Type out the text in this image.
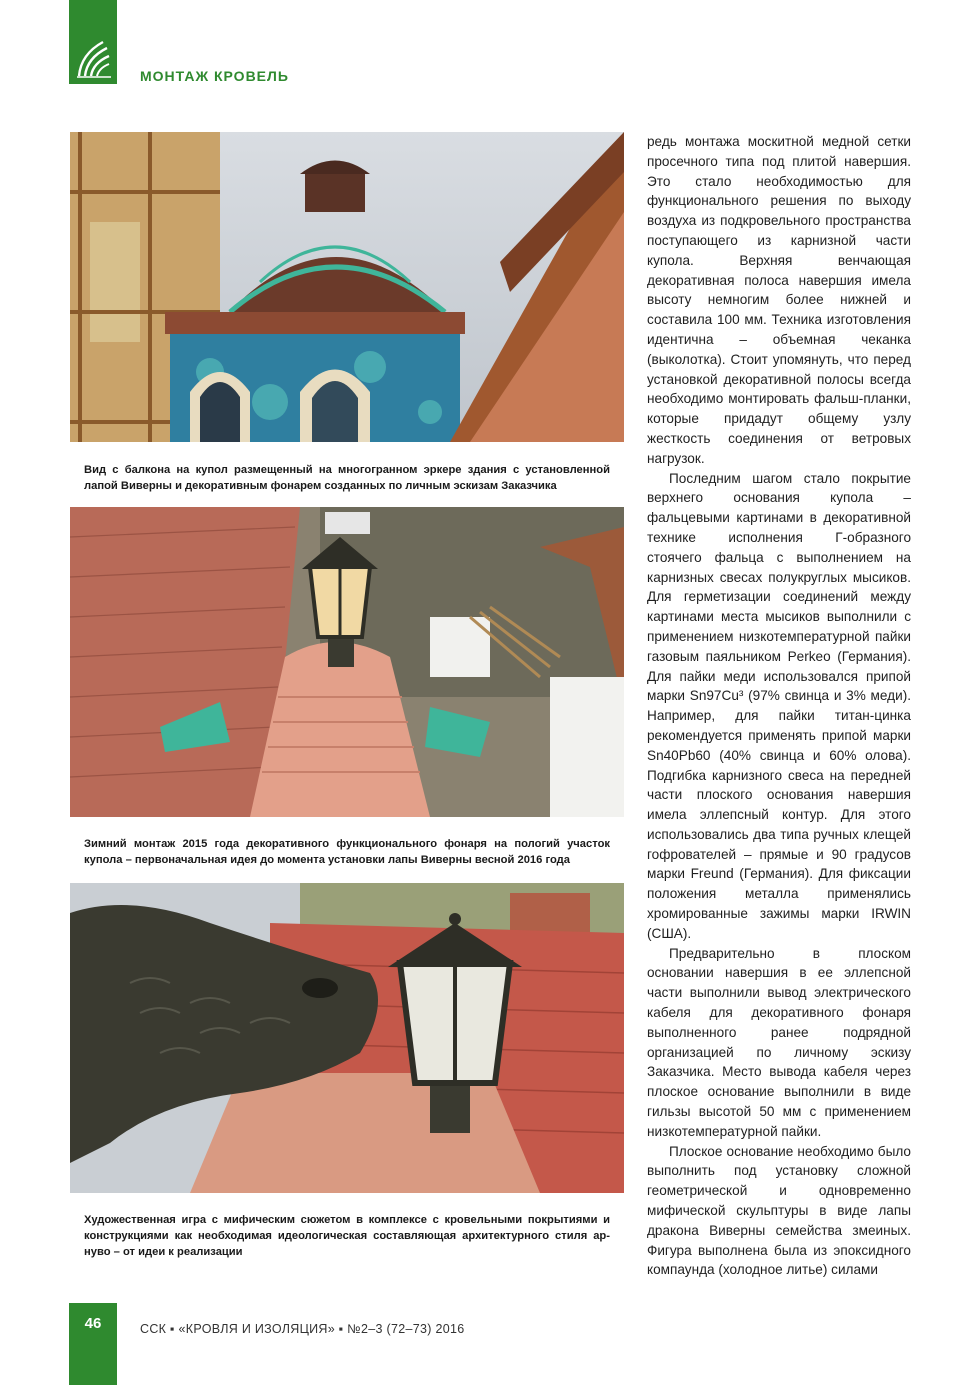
МОНТАЖ КРОВЕЛЬ
Вид с балкона на купол размещенный на многогранном эркере здания с установленной лапой Виверны и декоративным фонарем созданных по личным эскизам Заказчика
Зимний монтаж 2015 года декоративного функционального фонаря на пологий участок купола – первоначальная идея до момента установки лапы Виверны весной 2016 года
Художественная игра с мифическим сюжетом в комплексе с кровельными покрытиями и конструкциями как необходимая идеологическая составляющая архитектурного стиля ар-нуво – от идеи к реализации

редь монтажа москитной медной сетки просечного типа под плитой навершия. Это стало необходимостью для функционального решения по выходу воздуха из подкровельного пространства поступающего из карнизной части купола. Верхняя венчающая декоративная полоса навершия имела высоту немногим более нижней и составила 100 мм. Техника изготовления идентична – объемная чеканка (выколотка). Стоит упомянуть, что перед установкой декоративной полосы всегда необходимо монтировать фальш-планки, которые придадут общему узлу жесткость соединения от ветровых нагрузок.

Последним шагом стало покрытие верхнего основания купола – фальцевыми картинами в декоративной технике исполнения Г-образного стоячего фальца с выполнением на карнизных свесах полукруглых мысиков. Для герметизации соединений между картинами места мысиков выполнили с применением низкотемпературной пайки газовым паяльником Perkeo (Германия). Для пайки меди использовался припой марки Sn97Cu³ (97% свинца и 3% меди). Например, для пайки титан-цинка рекомендуется применять припой марки Sn40Pb60 (40% свинца и 60% олова). Подгибка карнизного свеса на передней части плоского основания навершия имела эллепсный контур. Для этого использовались два типа ручных клещей гофрователей – прямые и 90 градусов марки Freund (Германия). Для фиксации положения металла применялись хромированные зажимы марки IRWIN (США).

Предварительно в плоском основании навершия в ее эллепсной части выполнили вывод электрического кабеля для декоративного фонаря выполненного ранее подрядной организацией по личному эскизу Заказчика. Место вывода кабеля через плоское основание выполнили в виде гильзы высотой 50 мм с применением низкотемпературной пайки.

Плоское основание необходимо было выполнить под установку сложной геометрической и одновременно мифической скульптуры в виде лапы дракона Виверны семейства змеиных. Фигура выполнена была из эпоксидного компаунда (холодное литье) силами

46	ССК ▪ «КРОВЛЯ И ИЗОЛЯЦИЯ» ▪ №2–3 (72–73) 2016
